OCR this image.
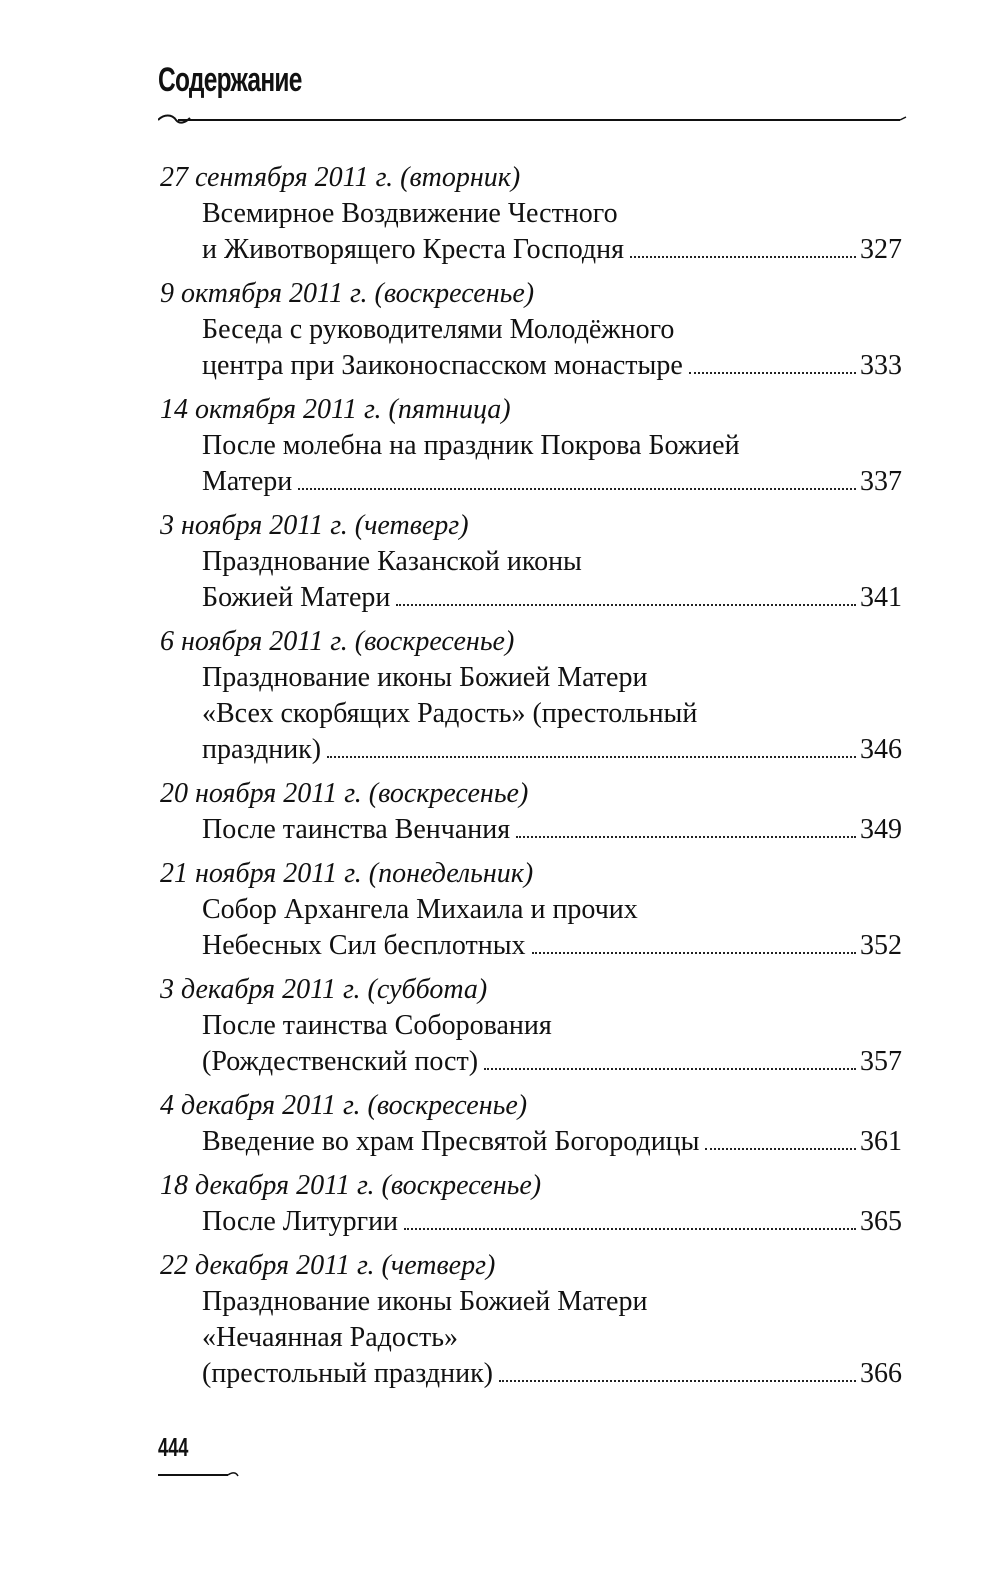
Содержание
27 сентября 2011 г. (вторник)
Всемирное Воздвижение Честного
и Животворящего Креста Господня	327
9 октября 2011 г. (воскресенье)
Беседа с руководителями Молодёжного
центра при Заиконоспасском монастыре	333
14 октября 2011 г. (пятница)
После молебна на праздник Покрова Божией
Матери	337
3 ноября 2011 г. (четверг)
Празднование Казанской иконы
Божией Матери	341
6 ноября 2011 г. (воскресенье)
Празднование иконы Божией Матери
«Всех скорбящих Радость» (престольный
праздник)	346
20 ноября 2011 г. (воскресенье)
После таинства Венчания	349
21 ноября 2011 г. (понедельник)
Собор Архангела Михаила и прочих
Небесных Сил бесплотных	352
3 декабря 2011 г. (суббота)
После таинства Соборования
(Рождественский пост)	357
4 декабря 2011 г. (воскресенье)
Введение во храм Пресвятой Богородицы	361
18 декабря 2011 г. (воскресенье)
После Литургии	365
22 декабря 2011 г. (четверг)
Празднование иконы Божией Матери
«Нечаянная Радость»
(престольный праздник)	366
444
